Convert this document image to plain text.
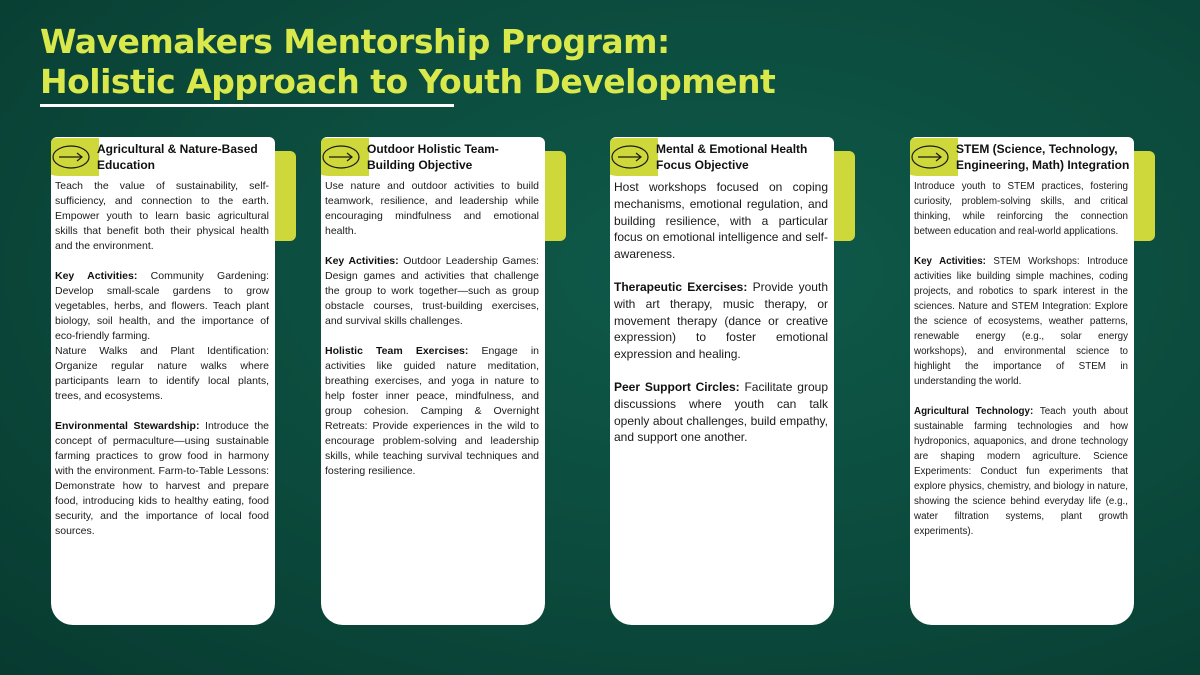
Wavemakers Mentorship Program:
Holistic Approach to Youth Development
Agricultural & Nature-Based Education

Teach the value of sustainability, self-sufficiency, and connection to the earth. Empower youth to learn basic agricultural skills that benefit both their physical health and the environment.

Key Activities: Community Gardening: Develop small-scale gardens to grow vegetables, herbs, and flowers. Teach plant biology, soil health, and the importance of eco-friendly farming.

Nature Walks and Plant Identification: Organize regular nature walks where participants learn to identify local plants, trees, and ecosystems.

Environmental Stewardship: Introduce the concept of permaculture—using sustainable farming practices to grow food in harmony with the environment. Farm-to-Table Lessons: Demonstrate how to harvest and prepare food, introducing kids to healthy eating, food security, and the importance of local food sources.

Outdoor Holistic Team-Building Objective

Use nature and outdoor activities to build teamwork, resilience, and leadership while encouraging mindfulness and emotional health.

Key Activities: Outdoor Leadership Games: Design games and activities that challenge the group to work together—such as group obstacle courses, trust-building exercises, and survival skills challenges.

Holistic Team Exercises: Engage in activities like guided nature meditation, breathing exercises, and yoga in nature to help foster inner peace, mindfulness, and group cohesion. Camping & Overnight Retreats: Provide experiences in the wild to encourage problem-solving and leadership skills, while teaching survival techniques and fostering resilience.

Mental & Emotional Health Focus Objective

Host workshops focused on coping mechanisms, emotional regulation, and building resilience, with a particular focus on emotional intelligence and self-awareness.

Therapeutic Exercises: Provide youth with art therapy, music therapy, or movement therapy (dance or creative expression) to foster emotional expression and healing.

Peer Support Circles: Facilitate group discussions where youth can talk openly about challenges, build empathy, and support one another.

STEM (Science, Technology, Engineering, Math) Integration

Introduce youth to STEM practices, fostering curiosity, problem-solving skills, and critical thinking, while reinforcing the connection between education and real-world applications.

Key Activities: STEM Workshops: Introduce activities like building simple machines, coding projects, and robotics to spark interest in the sciences. Nature and STEM Integration: Explore the science of ecosystems, weather patterns, renewable energy (e.g., solar energy workshops), and environmental science to highlight the importance of STEM in understanding the world.

Agricultural Technology: Teach youth about sustainable farming technologies and how hydroponics, aquaponics, and drone technology are shaping modern agriculture. Science Experiments: Conduct fun experiments that explore physics, chemistry, and biology in nature, showing the science behind everyday life (e.g., water filtration systems, plant growth experiments).
